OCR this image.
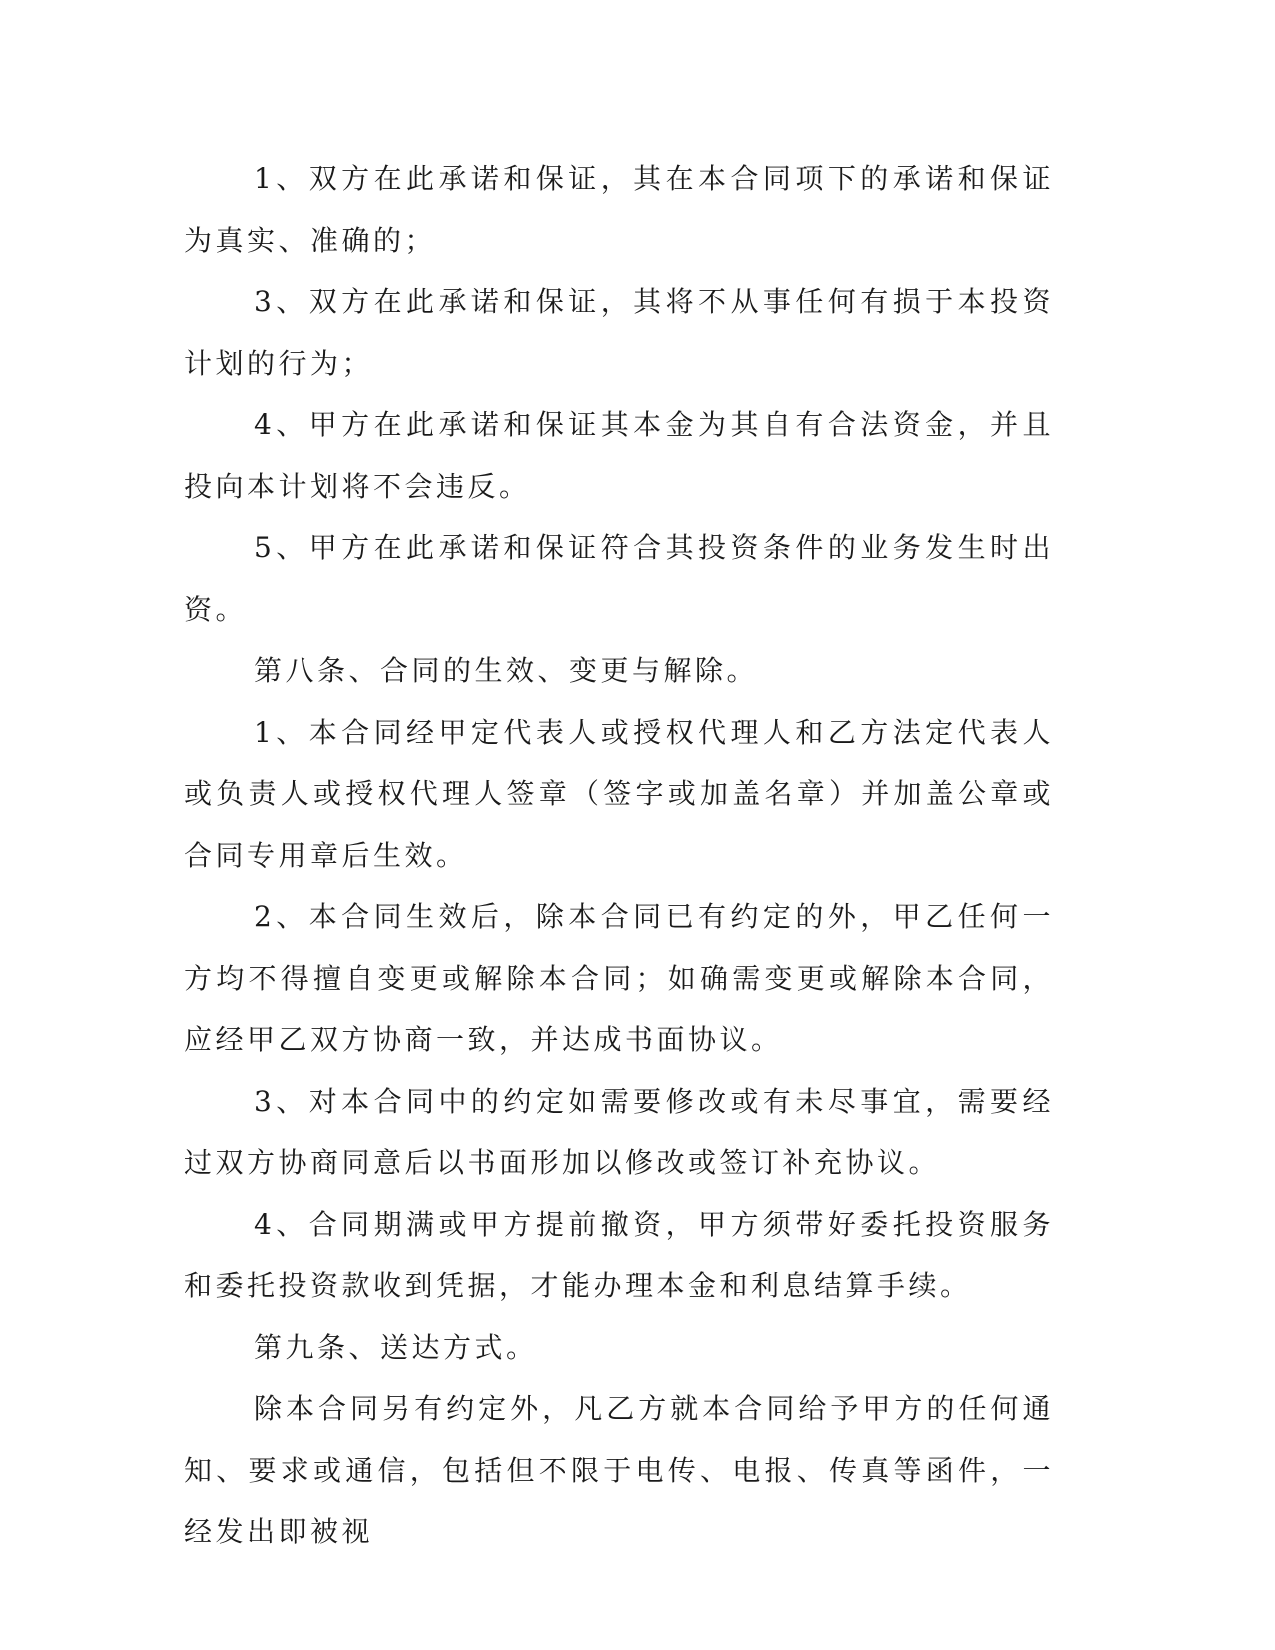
1、双方在此承诺和保证，其在本合同项下的承诺和保证为真实、准确的；

3、双方在此承诺和保证，其将不从事任何有损于本投资计划的行为；

4、甲方在此承诺和保证其本金为其自有合法资金，并且投向本计划将不会违反。

5、甲方在此承诺和保证符合其投资条件的业务发生时出资。

第八条、合同的生效、变更与解除。

1、本合同经甲定代表人或授权代理人和乙方法定代表人或负责人或授权代理人签章（签字或加盖名章）并加盖公章或合同专用章后生效。

2、本合同生效后，除本合同已有约定的外，甲乙任何一方均不得擅自变更或解除本合同；如确需变更或解除本合同，应经甲乙双方协商一致，并达成书面协议。

3、对本合同中的约定如需要修改或有未尽事宜，需要经过双方协商同意后以书面形加以修改或签订补充协议。

4、合同期满或甲方提前撤资，甲方须带好委托投资服务和委托投资款收到凭据，才能办理本金和利息结算手续。

第九条、送达方式。

除本合同另有约定外，凡乙方就本合同给予甲方的任何通知、要求或通信，包括但不限于电传、电报、传真等函件，一经发出即被视
